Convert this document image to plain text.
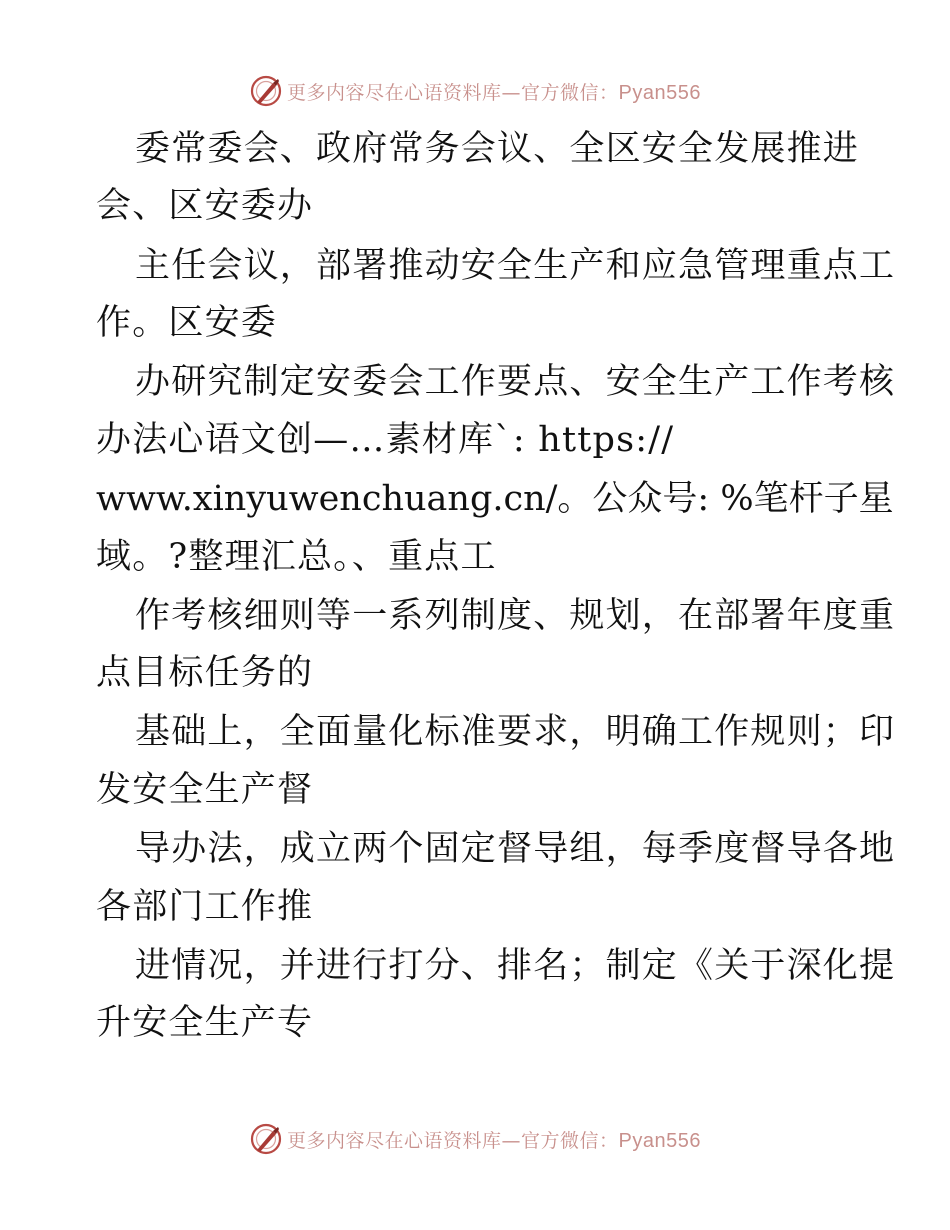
更多内容尽在心语资料库—官方微信：Pyan556
委常委会、政府常务会议、全区安全发展推进
会、区安委办
主任会议，部署推动安全生产和应急管理重点工
作。区安委
办研究制定安委会工作要点、安全生产工作考核
办法心语文创—…素材库`: https://
www.xinyuwenchuang.cn/。公众号: %笔杆子星
域。?整理汇总。、重点工
作考核细则等一系列制度、规划，在部署年度重
点目标任务的
基础上，全面量化标准要求，明确工作规则；印
发安全生产督
导办法，成立两个固定督导组，每季度督导各地
各部门工作推
进情况，并进行打分、排名；制定《关于深化提
升安全生产专
更多内容尽在心语资料库—官方微信：Pyan556
